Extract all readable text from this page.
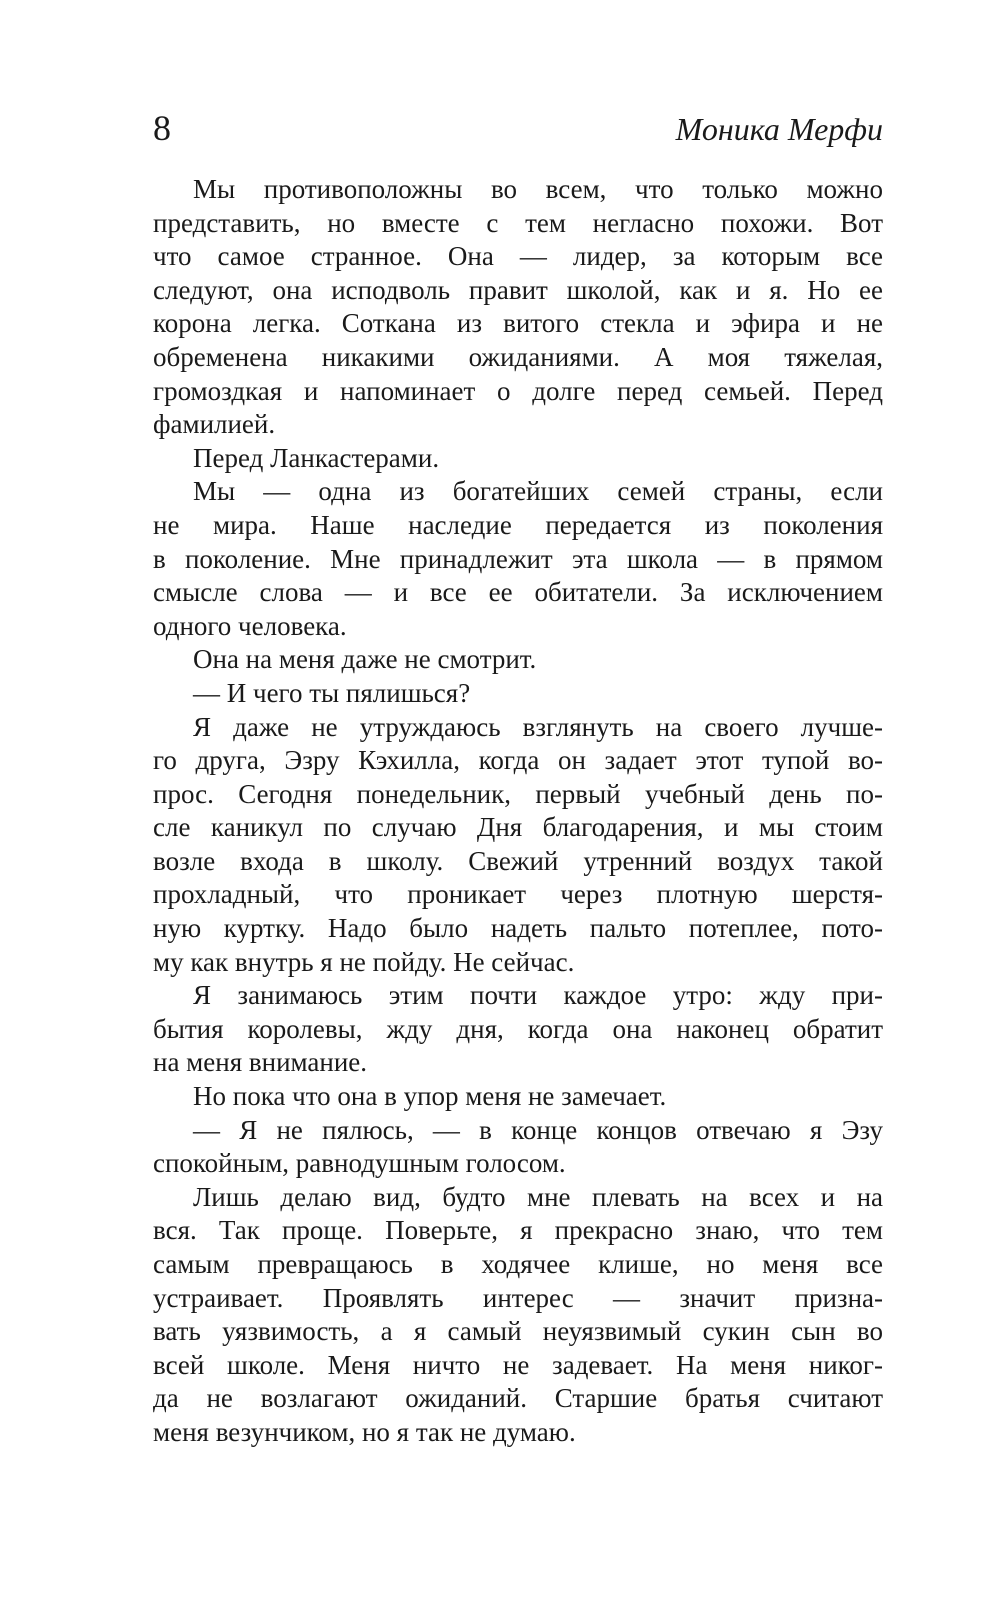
8	Моника Мерфи

Мы противоположны во всем, что только можно
представить, но вместе с тем негласно похожи. Вот
что самое странное. Она — лидер, за которым все
следуют, она исподволь правит школой, как и я. Но ее
корона легка. Соткана из витого стекла и эфира и не
обременена никакими ожиданиями. А моя тяжелая,
громоздкая и напоминает о долге перед семьей. Перед
фамилией.

Перед Ланкастерами.

Мы — одна из богатейших семей страны, если
не мира. Наше наследие передается из поколения
в поколение. Мне принадлежит эта школа — в прямом
смысле слова — и все ее обитатели. За исключением
одного человека.

Она на меня даже не смотрит.

— И чего ты пялишься?

Я даже не утруждаюсь взглянуть на своего лучше-
го друга, Эзру Кэхилла, когда он задает этот тупой во-
прос. Сегодня понедельник, первый учебный день по-
сле каникул по случаю Дня благодарения, и мы стоим
возле входа в школу. Свежий утренний воздух такой
прохладный, что проникает через плотную шерстя-
ную куртку. Надо было надеть пальто потеплее, пото-
му как внутрь я не пойду. Не сейчас.

Я занимаюсь этим почти каждое утро: жду при-
бытия королевы, жду дня, когда она наконец обратит
на меня внимание.

Но пока что она в упор меня не замечает.

— Я не пялюсь, — в конце концов отвечаю я Эзу
спокойным, равнодушным голосом.

Лишь делаю вид, будто мне плевать на всех и на
вся. Так проще. Поверьте, я прекрасно знаю, что тем
самым превращаюсь в ходячее клише, но меня все
устраивает. Проявлять интерес — значит призна-
вать уязвимость, а я самый неуязвимый сукин сын во
всей школе. Меня ничто не задевает. На меня никог-
да не возлагают ожиданий. Старшие братья считают
меня везунчиком, но я так не думаю.
